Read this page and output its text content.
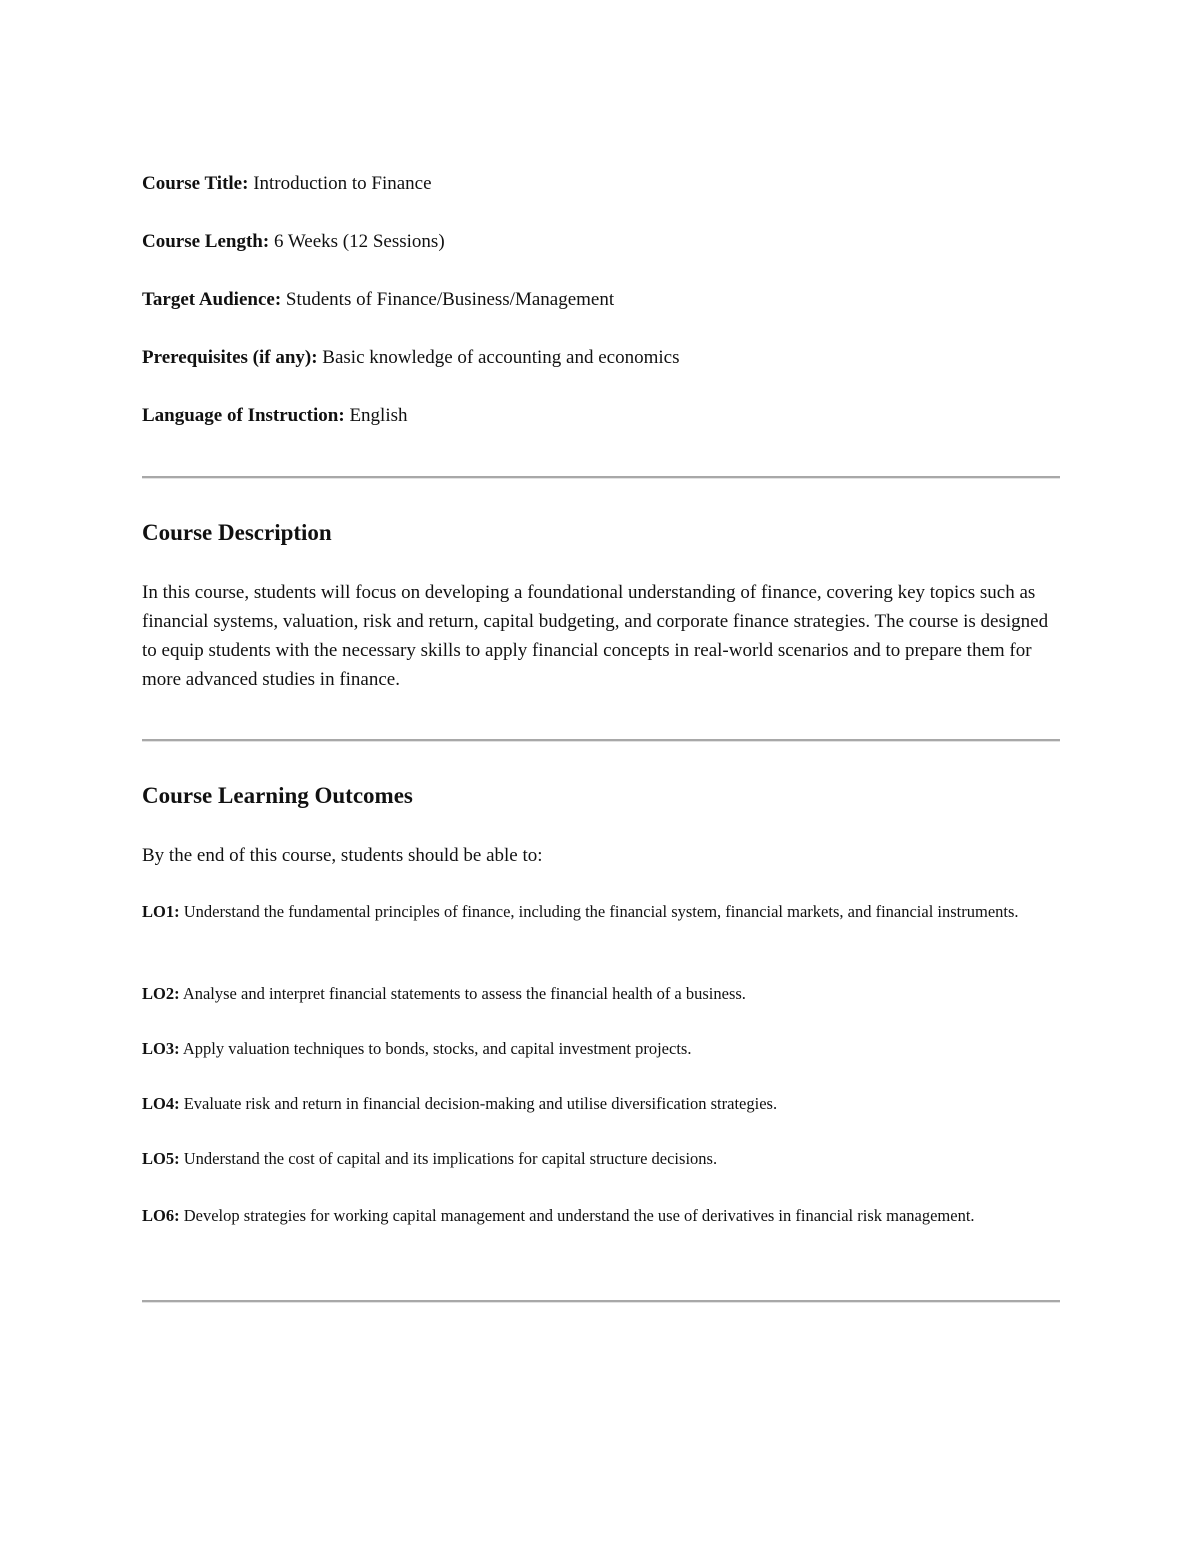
Course Title: Introduction to Finance
Course Length: 6 Weeks (12 Sessions)
Target Audience: Students of Finance/Business/Management
Prerequisites (if any): Basic knowledge of accounting and economics
Language of Instruction: English
Course Description

In this course, students will focus on developing a foundational understanding of finance, covering key topics such as financial systems, valuation, risk and return, capital budgeting, and corporate finance strategies. The course is designed to equip students with the necessary skills to apply financial concepts in real-world scenarios and to prepare them for more advanced studies in finance.

Course Learning Outcomes

By the end of this course, students should be able to:

LO1: Understand the fundamental principles of finance, including the financial system, financial markets, and financial instruments.

LO2: Analyse and interpret financial statements to assess the financial health of a business.

LO3: Apply valuation techniques to bonds, stocks, and capital investment projects.

LO4: Evaluate risk and return in financial decision-making and utilise diversification strategies.

LO5: Understand the cost of capital and its implications for capital structure decisions.

LO6: Develop strategies for working capital management and understand the use of derivatives in financial risk management.
